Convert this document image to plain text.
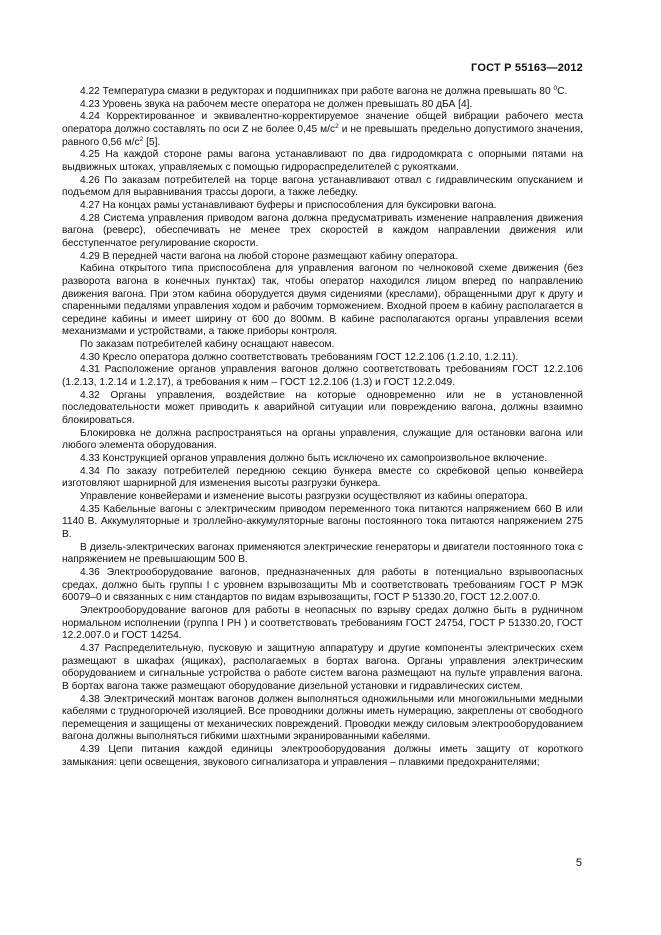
ГОСТ Р 55163—2012

4.22 Температура смазки в редукторах и подшипниках при работе вагона не должна превышать 80 $^0$С.

4.23 Уровень звука на рабочем месте оператора не должен превышать 80 дБА [4].

4.24 Корректированное и эквивалентно-корректируемое значение общей вибрации рабочего места оператора должно составлять по оси Z не более 0,45 $м/с^2$ и не превышать предельно допустимого значения, равного 0,56 $м/с^2$ [5].

4.25 На каждой стороне рамы вагона устанавливают по два гидродомкрата с опорными пятами на выдвижных штоках, управляемых с помощью гидрораспределителей с рукоятками.

4.26 По заказам потребителей на торце вагона устанавливают отвал с гидравлическим опусканием и подъемом для выравнивания трассы дороги, а также лебедку.

4.27 На концах рамы устанавливают буферы и приспособления для буксировки вагона.

4.28 Система управления приводом вагона должна предусматривать изменение направления движения вагона (реверс), обеспечивать не менее трех скоростей в каждом направлении движения или бесступенчатое регулирование скорости.

4.29 В передней части вагона на любой стороне размещают кабину оператора.

Кабина открытого типа приспособлена для управления вагоном по челноковой схеме движения (без разворота вагона в конечных пунктах) так, чтобы оператор находился лицом вперед по направлению движения вагона. При этом кабина оборудуется двумя сидениями (креслами), обращенными друг к другу и спаренными педалями управления ходом и рабочим торможением. Входной проем в кабину располагается в середине кабины и имеет ширину от 600 до 800мм. В кабине располагаются органы управления всеми механизмами и устройствами, а также приборы контроля.

По заказам потребителей кабину оснащают навесом.

4.30 Кресло оператора должно соответствовать требованиям ГОСТ 12.2.106 (1.2.10, 1.2.11).

4.31 Расположение органов управления вагонов должно соответствовать требованиям ГОСТ 12.2.106 (1.2.13, 1.2.14 и 1.2.17), а требования к ним – ГОСТ 12.2.106 (1.3) и ГОСТ 12.2.049.

4.32 Органы управления, воздействие на которые одновременно или не в установленной последовательности может приводить к аварийной ситуации или повреждению вагона, должны взаимно блокироваться.

Блокировка не должна распространяться на органы управления, служащие для остановки вагона или любого элемента оборудования.

4.33 Конструкцией органов управления должно быть исключено их самопроизвольное включение.

4.34 По заказу потребителей переднюю секцию бункера вместе со скребковой цепью конвейера изготовляют шарнирной для изменения высоты разгрузки бункера.

Управление конвейерами и изменение высоты разгрузки осуществляют из кабины оператора.

4.35 Кабельные вагоны с электрическим приводом переменного тока питаются напряжением 660 В или 1140 В. Аккумуляторные и троллейно-аккумуляторные вагоны постоянного тока питаются напряжением 275 В.

В дизель-электрических вагонах применяются электрические генераторы и двигатели постоянного тока с напряжением не превышающим 500 В.

4.36 Электрооборудование вагонов, предназначенных для работы в потенциально взрывоопасных средах, должно быть группы I с уровнем взрывозащиты Mb и соответствовать требованиям ГОСТ Р МЭК 60079–0 и связанных с ним стандартов по видам взрывозащиты, ГОСТ Р 51330.20, ГОСТ 12.2.007.0.

Электрооборудование вагонов для работы в неопасных по взрыву средах должно быть в рудничном нормальном исполнении (группа I РН ) и соответствовать требованиям ГОСТ 24754, ГОСТ Р 51330.20, ГОСТ 12.2.007.0 и ГОСТ 14254.

4.37 Распределительную, пусковую и защитную аппаратуру и другие компоненты электрических схем размещают в шкафах (ящиках), располагаемых в бортах вагона. Органы управления электрическим оборудованием и сигнальные устройства о работе систем вагона размещают на пульте управления вагона. В бортах вагона также размещают оборудование дизельной установки и гидравлических систем.

4.38 Электрический монтаж вагонов должен выполняться одножильными или многожильными медными кабелями с трудногорючей изоляцией. Все проводники должны иметь нумерацию, закреплены от свободного перемещения и защищены от механических повреждений. Проводки между силовым электрооборудованием вагона должны выполняться гибкими шахтными экранированными кабелями.

4.39 Цепи питания каждой единицы электрооборудования должны иметь защиту от короткого замыкания: цепи освещения, звукового сигнализатора и управления – плавкими предохранителями;

5
